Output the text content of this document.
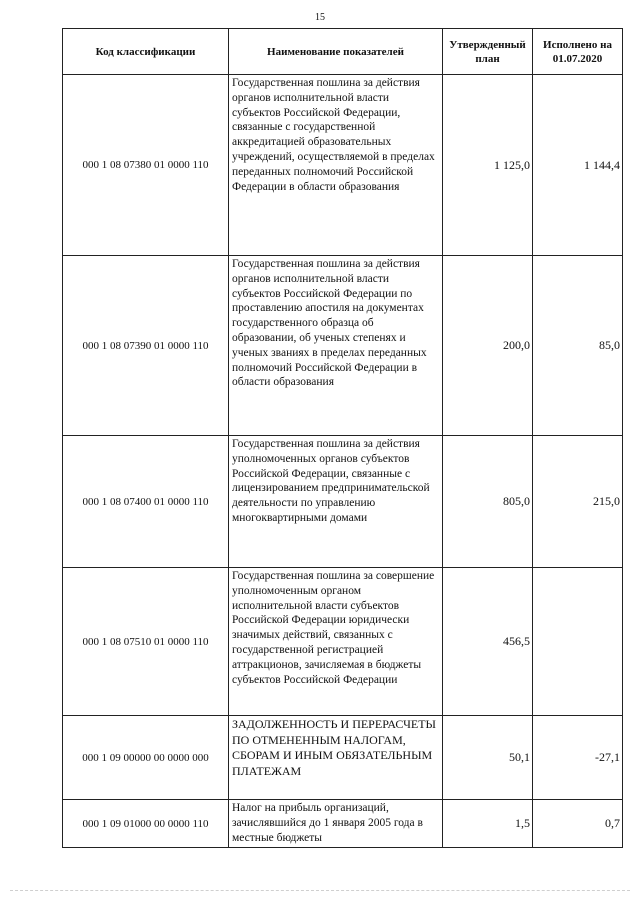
15
Код классификации	Наименование показателей	Утвержденный план	Исполнено на 01.07.2020
000 1 08 07380 01 0000 110	Государственная пошлина за действия органов исполнительной власти субъектов Российской Федерации, связанные с государственной аккредитацией образовательных учреждений, осуществляемой в пределах переданных полномочий Российской Федерации в области образования	1 125,0	1 144,4
000 1 08 07390 01 0000 110	Государственная пошлина за действия органов исполнительной власти субъектов Российской Федерации по проставлению апостиля на документах государственного образца об образовании, об ученых степенях и ученых званиях в пределах переданных полномочий Российской Федерации в области образования	200,0	85,0
000 1 08 07400 01 0000 110	Государственная пошлина за действия уполномоченных органов субъектов Российской Федерации, связанные с лицензированием предпринимательской деятельности по управлению многоквартирными домами	805,0	215,0
000 1 08 07510 01 0000 110	Государственная пошлина за совершение уполномоченным органом исполнительной власти субъектов Российской Федерации юридически значимых действий, связанных с государственной регистрацией аттракционов, зачисляемая в бюджеты субъектов Российской Федерации	456,5	
000 1 09 00000 00 0000 000	ЗАДОЛЖЕННОСТЬ И ПЕРЕРАСЧЕТЫ ПО ОТМЕНЕННЫМ НАЛОГАМ, СБОРАМ И ИНЫМ ОБЯЗАТЕЛЬНЫМ ПЛАТЕЖАМ	50,1	-27,1
000 1 09 01000 00 0000 110	Налог на прибыль организаций, зачислявшийся до 1 января 2005 года в местные бюджеты	1,5	0,7
